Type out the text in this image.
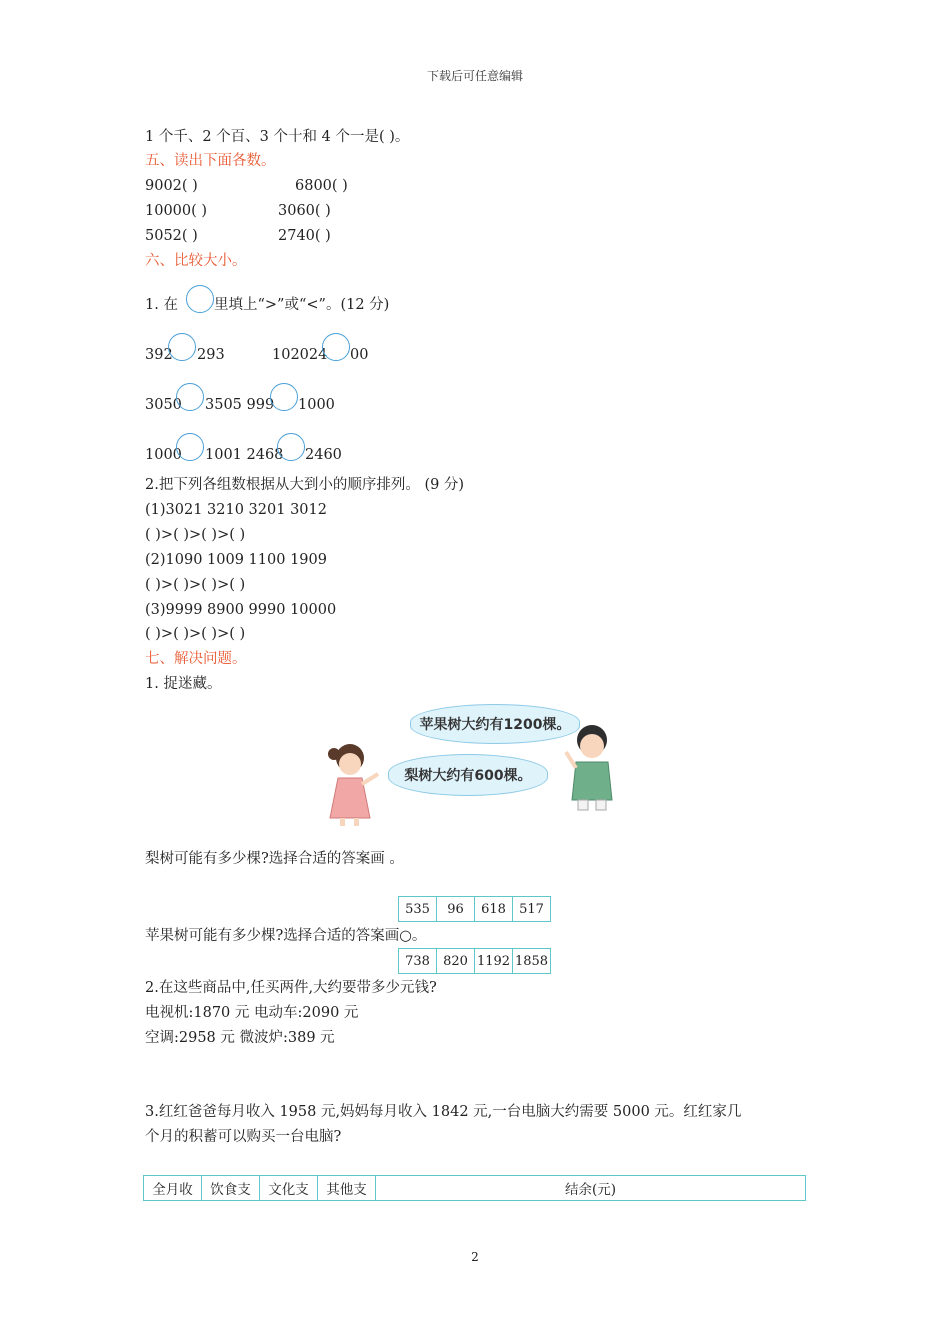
下载后可任意编辑
1 个千、2 个百、3 个十和 4 个一是( )。
五、读出下面各数。
9002( )	6800( )
10000( )	3060( )
5052( )	2740( )
六、比较大小。
1. 在 里填上“>”或“<”。(12 分)
392 293	102024 00
3050 3505 999 1000
1000 1001 2468 2460
2.把下列各组数根据从大到小的顺序排列。 (9 分)
(1)3021 3210 3201 3012
( )>( )>( )>( )
(2)1090 1009 1100 1909
( )>( )>( )>( )
(3)9999 8900 9990 10000
( )>( )>( )>( )
七、解决问题。
1. 捉迷藏。
苹果树大约有1200棵。
梨树大约有600棵。
梨树可能有多少棵?选择合适的答案画 。
535	96	618	517
苹果树可能有多少棵?选择合适的答案画○。
738	820	1192	1858
2.在这些商品中,任买两件,大约要带多少元钱?
电视机:1870 元 电动车:2090 元
空调:2958 元 微波炉:389 元
3.红红爸爸每月收入 1958 元,妈妈每月收入 1842 元,一台电脑大约需要 5000 元。红红家几
个月的积蓄可以购买一台电脑?
全月收	饮食支	文化支	其他支	结余(元)
2
